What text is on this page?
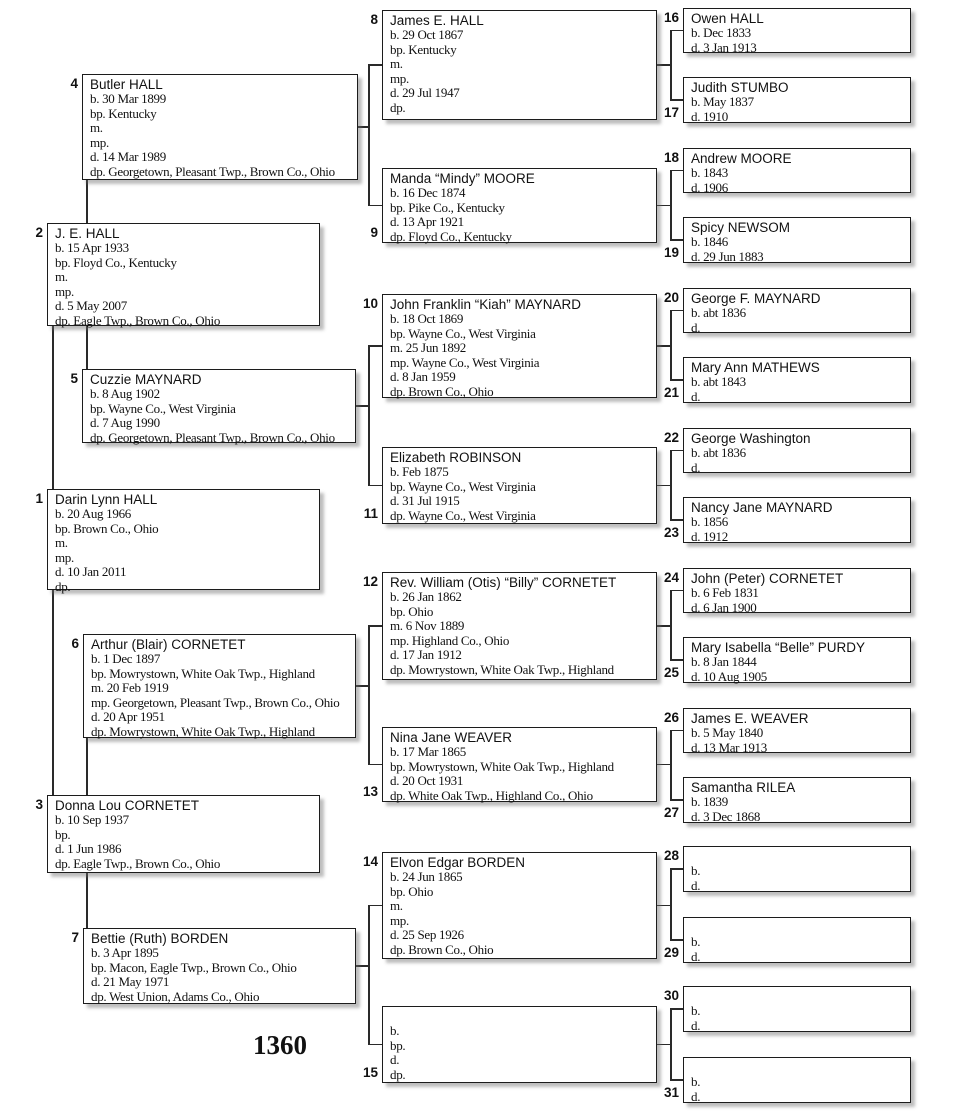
1360
1 Darin Lynn HALL
b. 20 Aug 1966
bp. Brown Co., Ohio
m.
mp.
d. 10 Jan 2011
dp.
2 J. E. HALL
b. 15 Apr 1933
bp. Floyd Co., Kentucky
m.
mp.
d. 5 May 2007
dp. Eagle Twp., Brown Co., Ohio
3 Donna Lou CORNETET
b. 10 Sep 1937
bp.
d. 1 Jun 1986
dp. Eagle Twp., Brown Co., Ohio
4 Butler HALL
b. 30 Mar 1899
bp. Kentucky
m.
mp.
d. 14 Mar 1989
dp. Georgetown, Pleasant Twp., Brown Co., Ohio
5 Cuzzie MAYNARD
b. 8 Aug 1902
bp. Wayne Co., West Virginia
d. 7 Aug 1990
dp. Georgetown, Pleasant Twp., Brown Co., Ohio
6 Arthur (Blair) CORNETET
b. 1 Dec 1897
bp. Mowrystown, White Oak Twp., Highland
m. 20 Feb 1919
mp. Georgetown, Pleasant Twp., Brown Co., Ohio
d. 20 Apr 1951
dp. Mowrystown, White Oak Twp., Highland
7 Bettie (Ruth) BORDEN
b. 3 Apr 1895
bp. Macon, Eagle Twp., Brown Co., Ohio
d. 21 May 1971
dp. West Union, Adams Co., Ohio
8 James E. HALL
b. 29 Oct 1867
bp. Kentucky
m.
mp.
d. 29 Jul 1947
dp.
9
Manda “Mindy” MOORE
b. 16 Dec 1874
bp. Pike Co., Kentucky
d. 13 Apr 1921
dp. Floyd Co., Kentucky
10 John Franklin “Kiah” MAYNARD
b. 18 Oct 1869
bp. Wayne Co., West Virginia
m. 25 Jun 1892
mp. Wayne Co., West Virginia
d. 8 Jan 1959
dp. Brown Co., Ohio
11
Elizabeth ROBINSON
b. Feb 1875
bp. Wayne Co., West Virginia
d. 31 Jul 1915
dp. Wayne Co., West Virginia
12 Rev. William (Otis) “Billy” CORNETET
b. 26 Jan 1862
bp. Ohio
m. 6 Nov 1889
mp. Highland Co., Ohio
d. 17 Jan 1912
dp. Mowrystown, White Oak Twp., Highland
13
Nina Jane WEAVER
b. 17 Mar 1865
bp. Mowrystown, White Oak Twp., Highland
d. 20 Oct 1931
dp. White Oak Twp., Highland Co., Ohio
14 Elvon Edgar BORDEN
b. 24 Jun 1865
bp. Ohio
m.
mp.
d. 25 Sep 1926
dp. Brown Co., Ohio
15
b.
bp.
d.
dp.
16 Owen HALL
b. Dec 1833
d. 3 Jan 1913
17
Judith STUMBO
b. May 1837
d. 1910
18 Andrew MOORE
b. 1843
d. 1906
19
Spicy NEWSOM
b. 1846
d. 29 Jun 1883
20 George F. MAYNARD
b. abt 1836
d.
21
Mary Ann MATHEWS
b. abt 1843
d.
22 George Washington
b. abt 1836
d.
23
Nancy Jane MAYNARD
b. 1856
d. 1912
24 John (Peter) CORNETET
b. 6 Feb 1831
d. 6 Jan 1900
25
Mary Isabella “Belle” PURDY
b. 8 Jan 1844
d. 10 Aug 1905
26 James E. WEAVER
b. 5 May 1840
d. 13 Mar 1913
27
Samantha RILEA
b. 1839
d. 3 Dec 1868
28
b.
d.
29
b.
d.
30
b.
d.
31
b.
d.
